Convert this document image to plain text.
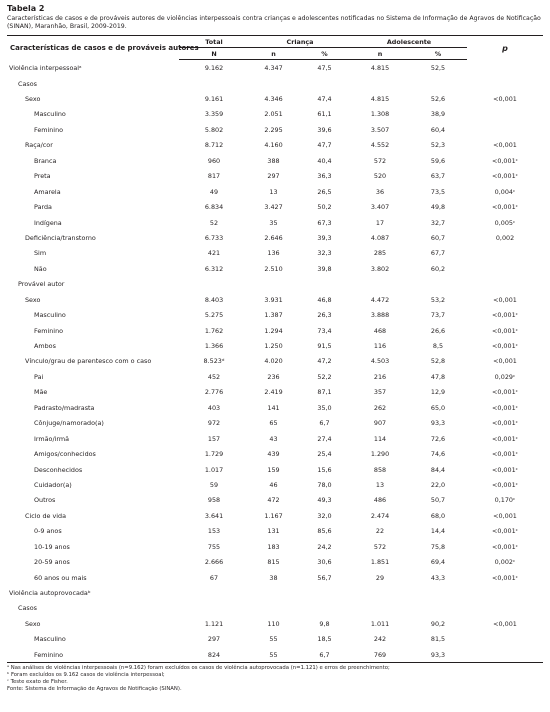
Tabela 2
Características de casos e de prováveis autores de violências interpessoais contra crianças e adolescentes notificadas no Sistema de Informação de Agravos de Notificação (SINAN), Maranhão, Brasil, 2009-2019.
Características de casos e de prováveis autores	Total	Criança		Adolescente		p
	N	n	%	n	%	
Violência interpessoalᵃ	9.162	4.347	47,5	4.815	52,5	
Casos						
Sexo	9.161	4.346	47,4	4.815	52,6	<0,001
Masculino	3.359	2.051	61,1	1.308	38,9	
Feminino	5.802	2.295	39,6	3.507	60,4	
Raça/cor	8.712	4.160	47,7	4.552	52,3	<0,001
Branca	960	388	40,4	572	59,6	<0,001ᶜ
Preta	817	297	36,3	520	63,7	<0,001ᶜ
Amarela	49	13	26,5	36	73,5	0,004ᶜ
Parda	6.834	3.427	50,2	3.407	49,8	<0,001ᶜ
Indígena	52	35	67,3	17	32,7	0,005ᶜ
Deficiência/transtorno	6.733	2.646	39,3	4.087	60,7	0,002
Sim	421	136	32,3	285	67,7	
Não	6.312	2.510	39,8	3.802	60,2	
Provável autor						
Sexo	8.403	3.931	46,8	4.472	53,2	<0,001
Masculino	5.275	1.387	26,3	3.888	73,7	<0,001ᶜ
Feminino	1.762	1.294	73,4	468	26,6	<0,001ᶜ
Ambos	1.366	1.250	91,5	116	8,5	<0,001ᶜ
Vínculo/grau de parentesco com o caso	8.523ᵈ	4.020	47,2	4.503	52,8	<0,001
Pai	452	236	52,2	216	47,8	0,029ᶜ
Mãe	2.776	2.419	87,1	357	12,9	<0,001ᶜ
Padrasto/madrasta	403	141	35,0	262	65,0	<0,001ᶜ
Cônjuge/namorado(a)	972	65	6,7	907	93,3	<0,001ᶜ
Irmão/irmã	157	43	27,4	114	72,6	<0,001ᶜ
Amigos/conhecidos	1.729	439	25,4	1.290	74,6	<0,001ᶜ
Desconhecidos	1.017	159	15,6	858	84,4	<0,001ᶜ
Cuidador(a)	59	46	78,0	13	22,0	<0,001ᶜ
Outros	958	472	49,3	486	50,7	0,170ᶜ
Ciclo de vida	3.641	1.167	32,0	2.474	68,0	<0,001
0-9 anos	153	131	85,6	22	14,4	<0,001ᶜ
10-19 anos	755	183	24,2	572	75,8	<0,001ᶜ
20-59 anos	2.666	815	30,6	1.851	69,4	0,002ᶜ
60 anos ou mais	67	38	56,7	29	43,3	<0,001ᶜ
Violência autoprovocadaᵇ						
Casos						
Sexo	1.121	110	9,8	1.011	90,2	<0,001
Masculino	297	55	18,5	242	81,5	
Feminino	824	55	6,7	769	93,3	
ᵃ Nas análises de violências interpessoais (n=9.162) foram excluídos os casos de violência autoprovocada (n=1.121) e erros de preenchimento;
ᵇ Foram excluídos os 9.162 casos de violência interpessoal;
ᶜ Teste exato de Fisher.
Fonte: Sistema de Informação de Agravos de Notificação (SINAN).
